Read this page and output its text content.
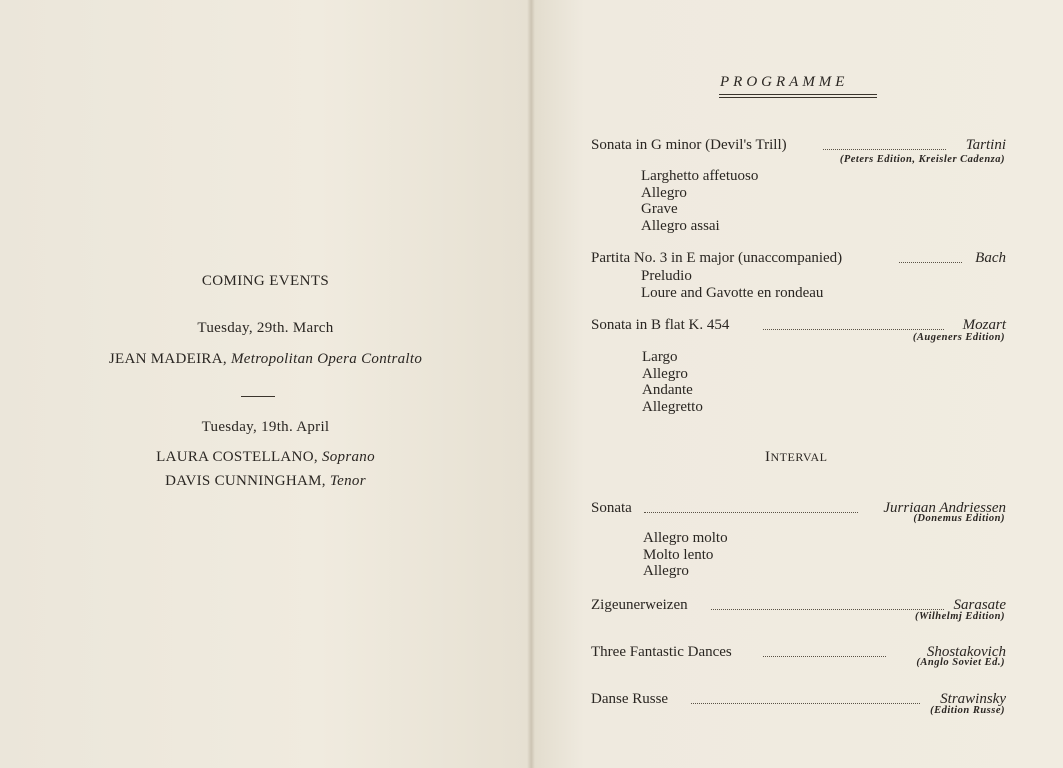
COMING EVENTS
Tuesday, 29th. March
JEAN MADEIRA, Metropolitan Opera Contralto
Tuesday, 19th. April
LAURA COSTELLANO, Soprano
DAVIS CUNNINGHAM, Tenor
PROGRAMME
Sonata in G minor (Devil's Trill)	Tartini
(Peters Edition, Kreisler Cadenza)
Larghetto affetuoso
Allegro
Grave
Allegro assai
Partita No. 3 in E major (unaccompanied)	Bach
Preludio
Loure and Gavotte en rondeau
Sonata in B flat K. 454	Mozart
(Augeners Edition)
Largo
Allegro
Andante
Allegretto
Sonata	Jurriaan Andriessen
(Donemus Edition)
Allegro molto
Molto lento
Allegro
Zigeunerweizen	Sarasate
(Wilhelmj Edition)
Three Fantastic Dances	Shostakovich
(Anglo Soviet Ed.)
Danse Russe	Strawinsky
(Edition Russe)
INTERVAL
